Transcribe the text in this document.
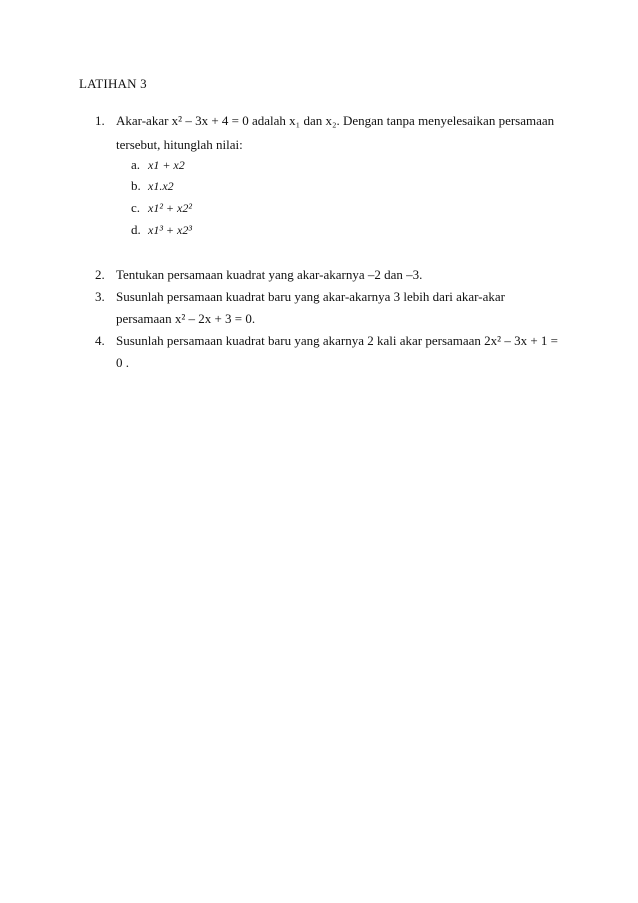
LATIHAN 3
1. Akar-akar x² – 3x + 4 = 0 adalah x₁ dan x₂. Dengan tanpa menyelesaikan persamaan
tersebut, hitunglah nilai:
a. x1 + x2
b. x1.x2
c. x1² + x2²
d. x1³ + x2³
2. Tentukan persamaan kuadrat yang akar-akarnya –2 dan –3.
3. Susunlah persamaan kuadrat baru yang akar-akarnya 3 lebih dari akar-akar
persamaan x² – 2x + 3 = 0.
4. Susunlah persamaan kuadrat baru yang akarnya 2 kali akar persamaan 2x² – 3x + 1 =
0 .
